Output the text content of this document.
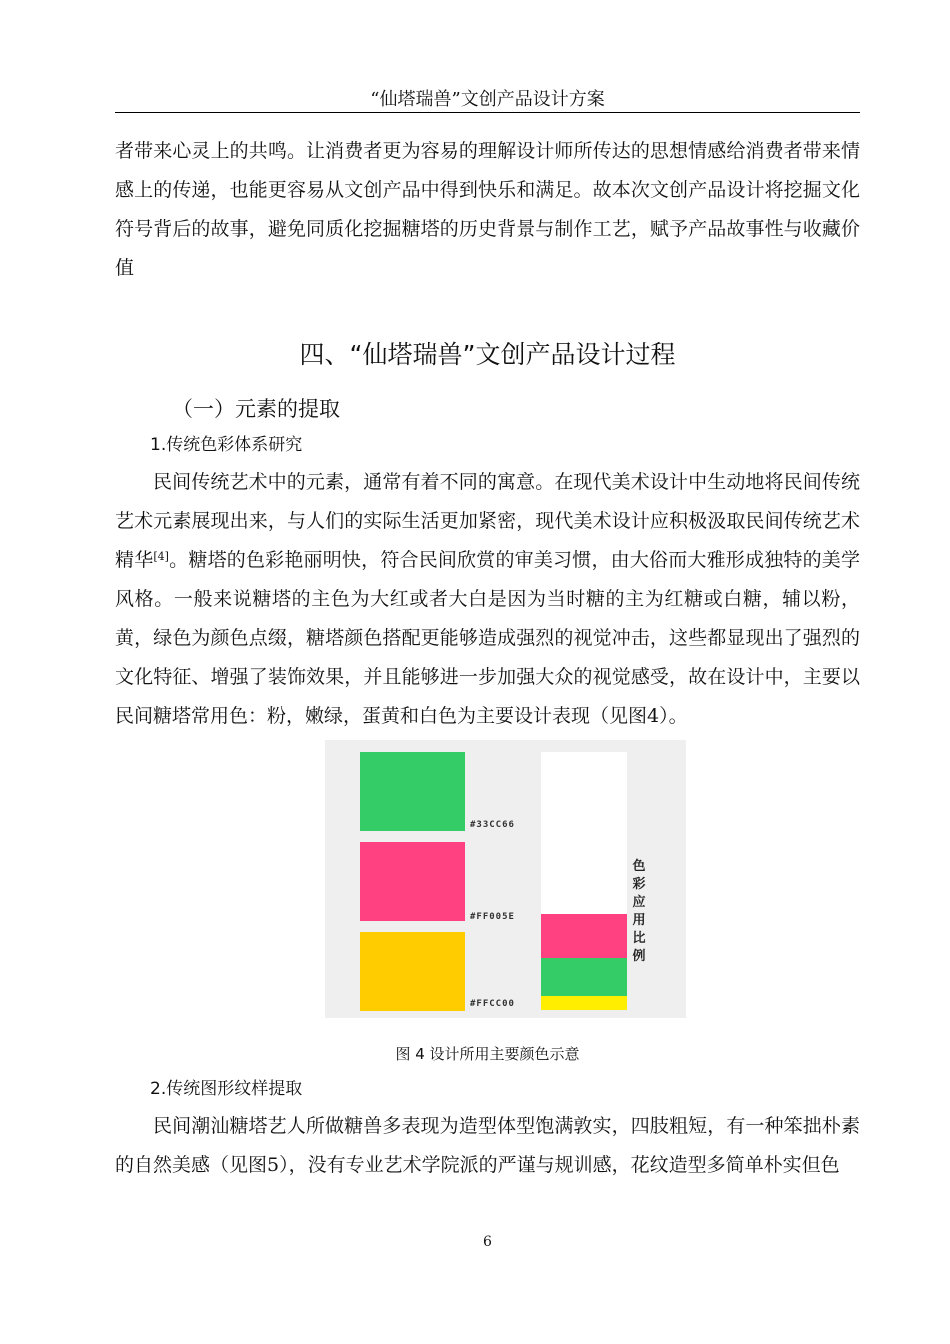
“仙塔瑞兽”文创产品设计方案

者带来心灵上的共鸣。让消费者更为容易的理解设计师所传达的思想情感给消费者带来情感上的传递，也能更容易从文创产品中得到快乐和满足。故本次文创产品设计将挖掘文化符号背后的故事，避免同质化挖掘糖塔的历史背景与制作工艺，赋予产品故事性与收藏价值

四、“仙塔瑞兽”文创产品设计过程
（一）元素的提取
1.传统色彩体系研究

民间传统艺术中的元素，通常有着不同的寓意。在现代美术设计中生动地将民间传统艺术元素展现出来，与人们的实际生活更加紧密，现代美术设计应积极汲取民间传统艺术精华[4]。糖塔的色彩艳丽明快，符合民间欣赏的审美习惯，由大俗而大雅形成独特的美学风格。一般来说糖塔的主色为大红或者大白是因为当时糖的主为红糖或白糖，辅以粉，黄，绿色为颜色点缀，糖塔颜色搭配更能够造成强烈的视觉冲击，这些都显现出了强烈的文化特征、增强了装饰效果，并且能够进一步加强大众的视觉感受，故在设计中，主要以民间糖塔常用色：粉，嫩绿，蛋黄和白色为主要设计表现（见图4）。

#33CC66
#FF005E
#FFCC00
色彩应用比例
图 4 设计所用主要颜色示意
2.传统图形纹样提取

民间潮汕糖塔艺人所做糖兽多表现为造型体型饱满敦实，四肢粗短，有一种笨拙朴素的自然美感（见图5），没有专业艺术学院派的严谨与规训感，花纹造型多简单朴实但色

6
